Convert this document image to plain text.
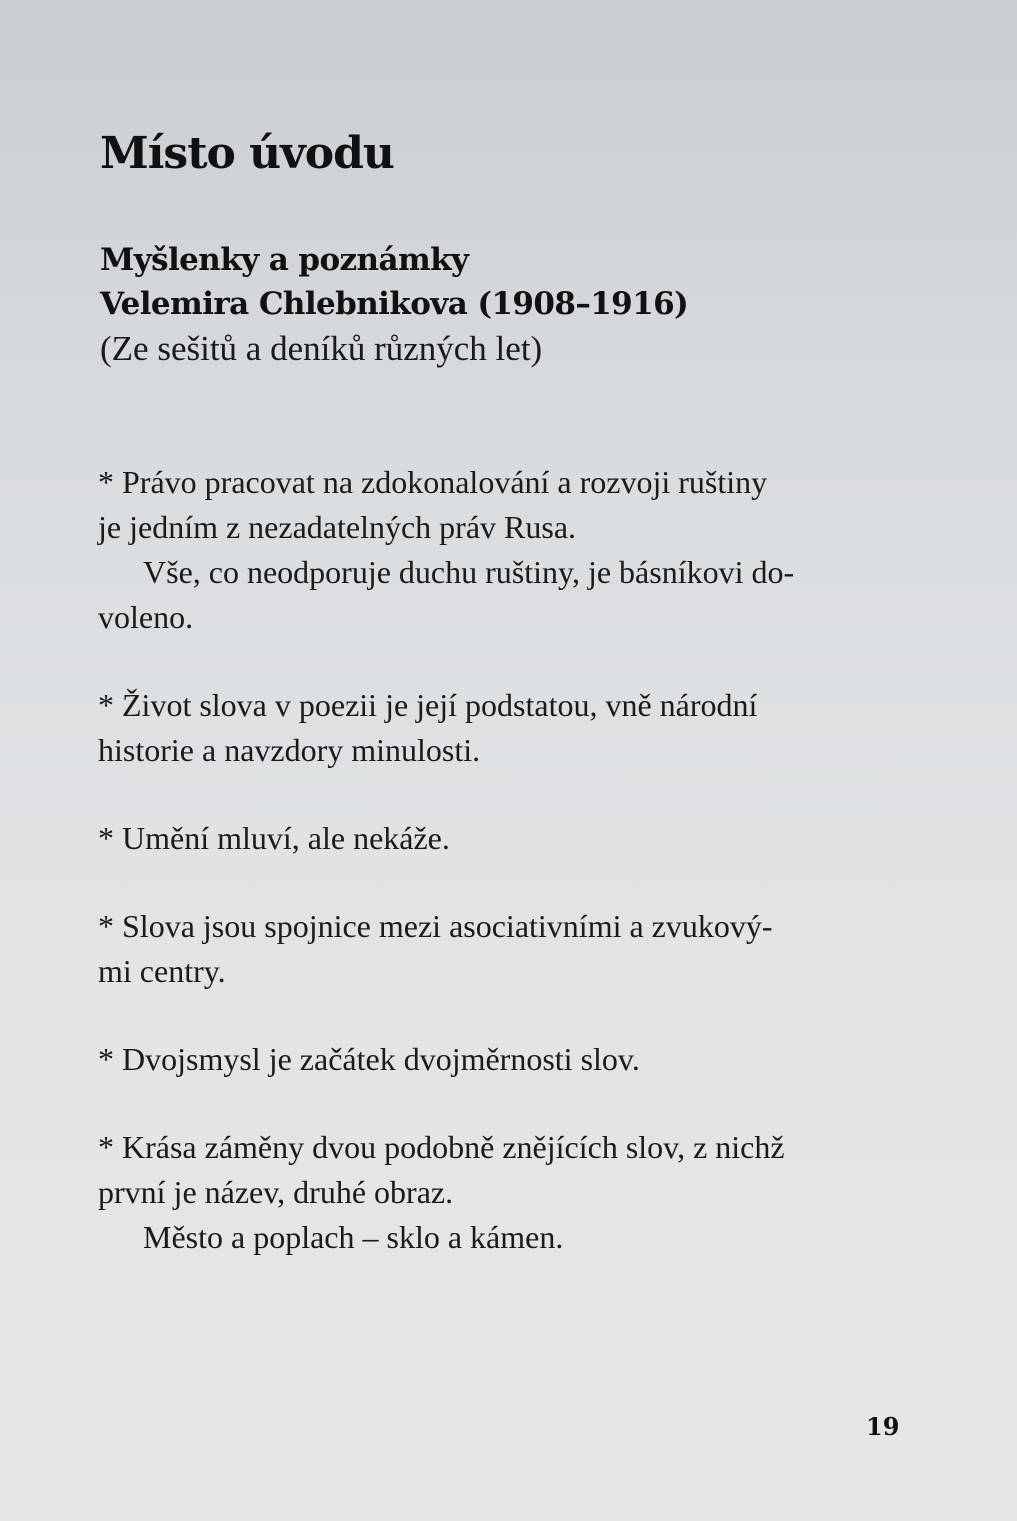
Místo úvodu
Myšlenky a poznámky
Velemira Chlebnikova (1908–1916)
(Ze sešitů a deníků různých let)
* Právo pracovat na zdokonalování a rozvoji ruštiny
je jedním z nezadatelných práv Rusa.
Vše, co neodporuje duchu ruštiny, je básníkovi do-
voleno.
* Život slova v poezii je její podstatou, vně národní
historie a navzdory minulosti.
* Umění mluví, ale nekáže.
* Slova jsou spojnice mezi asociativními a zvukový-
mi centry.
* Dvojsmysl je začátek dvojměrnosti slov.
* Krása záměny dvou podobně znějících slov, z nichž
první je název, druhé obraz.
Město a poplach – sklo a kámen.
19
